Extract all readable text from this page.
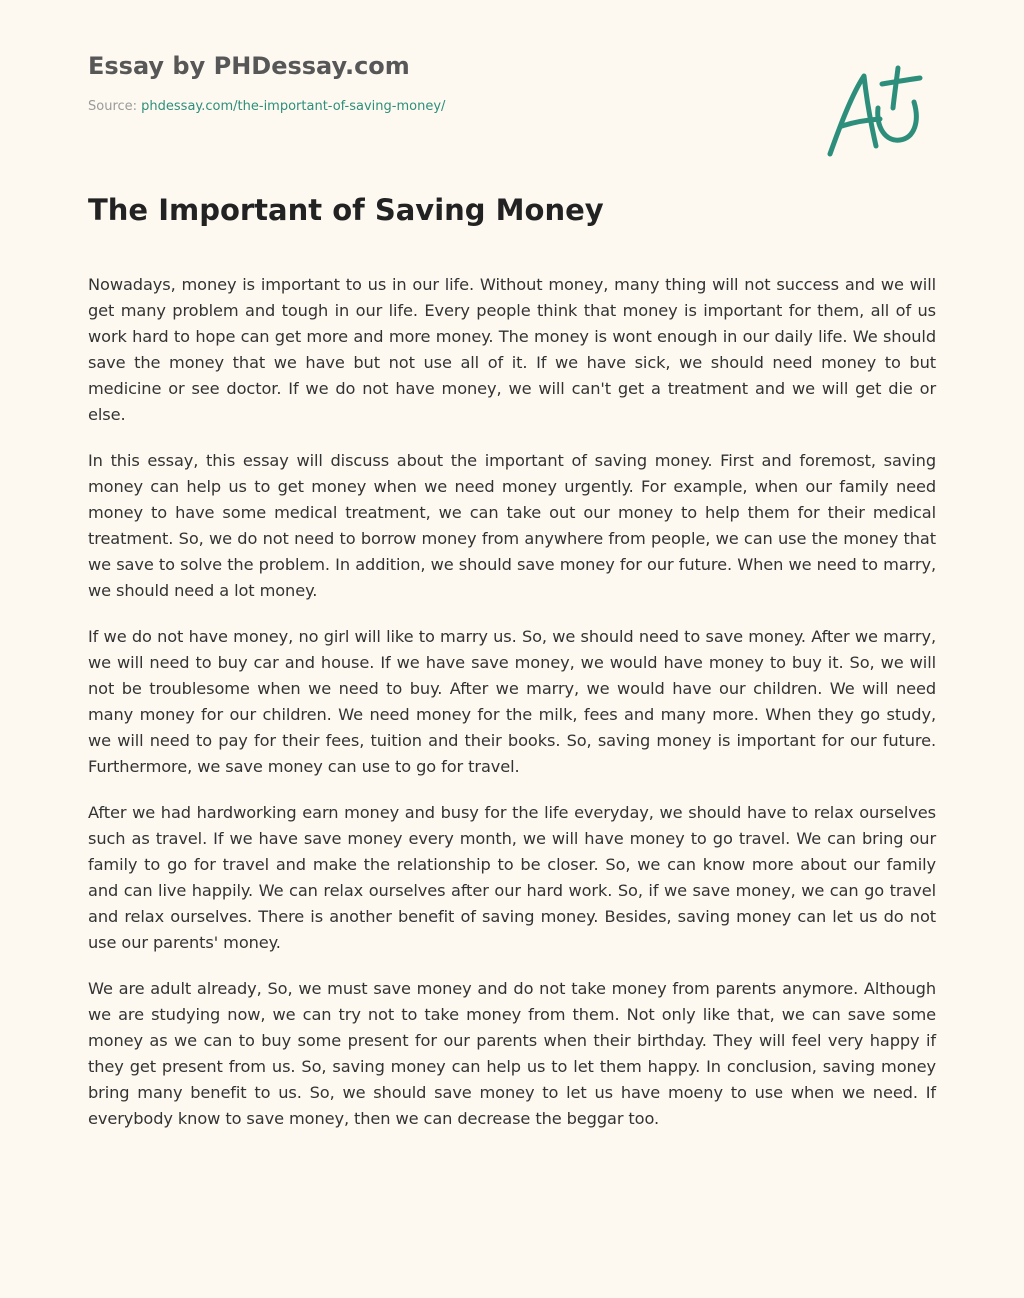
Essay by PHDessay.com
Source: phdessay.com/the-important-of-saving-money/
The Important of Saving Money

Nowadays, money is important to us in our life. Without money, many thing will not success and we will get many problem and tough in our life. Every people think that money is important for them, all of us work hard to hope can get more and more money. The money is wont enough in our daily life. We should save the money that we have but not use all of it. If we have sick, we should need money to but medicine or see doctor. If we do not have money, we will can't get a treatment and we will get die or else.

In this essay, this essay will discuss about the important of saving money. First and foremost, saving money can help us to get money when we need money urgently. For example, when our family need money to have some medical treatment, we can take out our money to help them for their medical treatment. So, we do not need to borrow money from anywhere from people, we can use the money that we save to solve the problem. In addition, we should save money for our future. When we need to marry, we should need a lot money.

If we do not have money, no girl will like to marry us. So, we should need to save money. After we marry, we will need to buy car and house. If we have save money, we would have money to buy it. So, we will not be troublesome when we need to buy. After we marry, we would have our children. We will need many money for our children. We need money for the milk, fees and many more. When they go study, we will need to pay for their fees, tuition and their books. So, saving money is important for our future. Furthermore, we save money can use to go for travel.

After we had hardworking earn money and busy for the life everyday, we should have to relax ourselves such as travel. If we have save money every month, we will have money to go travel. We can bring our family to go for travel and make the relationship to be closer. So, we can know more about our family and can live happily. We can relax ourselves after our hard work. So, if we save money, we can go travel and relax ourselves. There is another benefit of saving money. Besides, saving money can let us do not use our parents' money.

We are adult already, So, we must save money and do not take money from parents anymore. Although we are studying now, we can try not to take money from them. Not only like that, we can save some money as we can to buy some present for our parents when their birthday. They will feel very happy if they get present from us. So, saving money can help us to let them happy. In conclusion, saving money bring many benefit to us. So, we should save money to let us have moeny to use when we need. If everybody know to save money, then we can decrease the beggar too.
